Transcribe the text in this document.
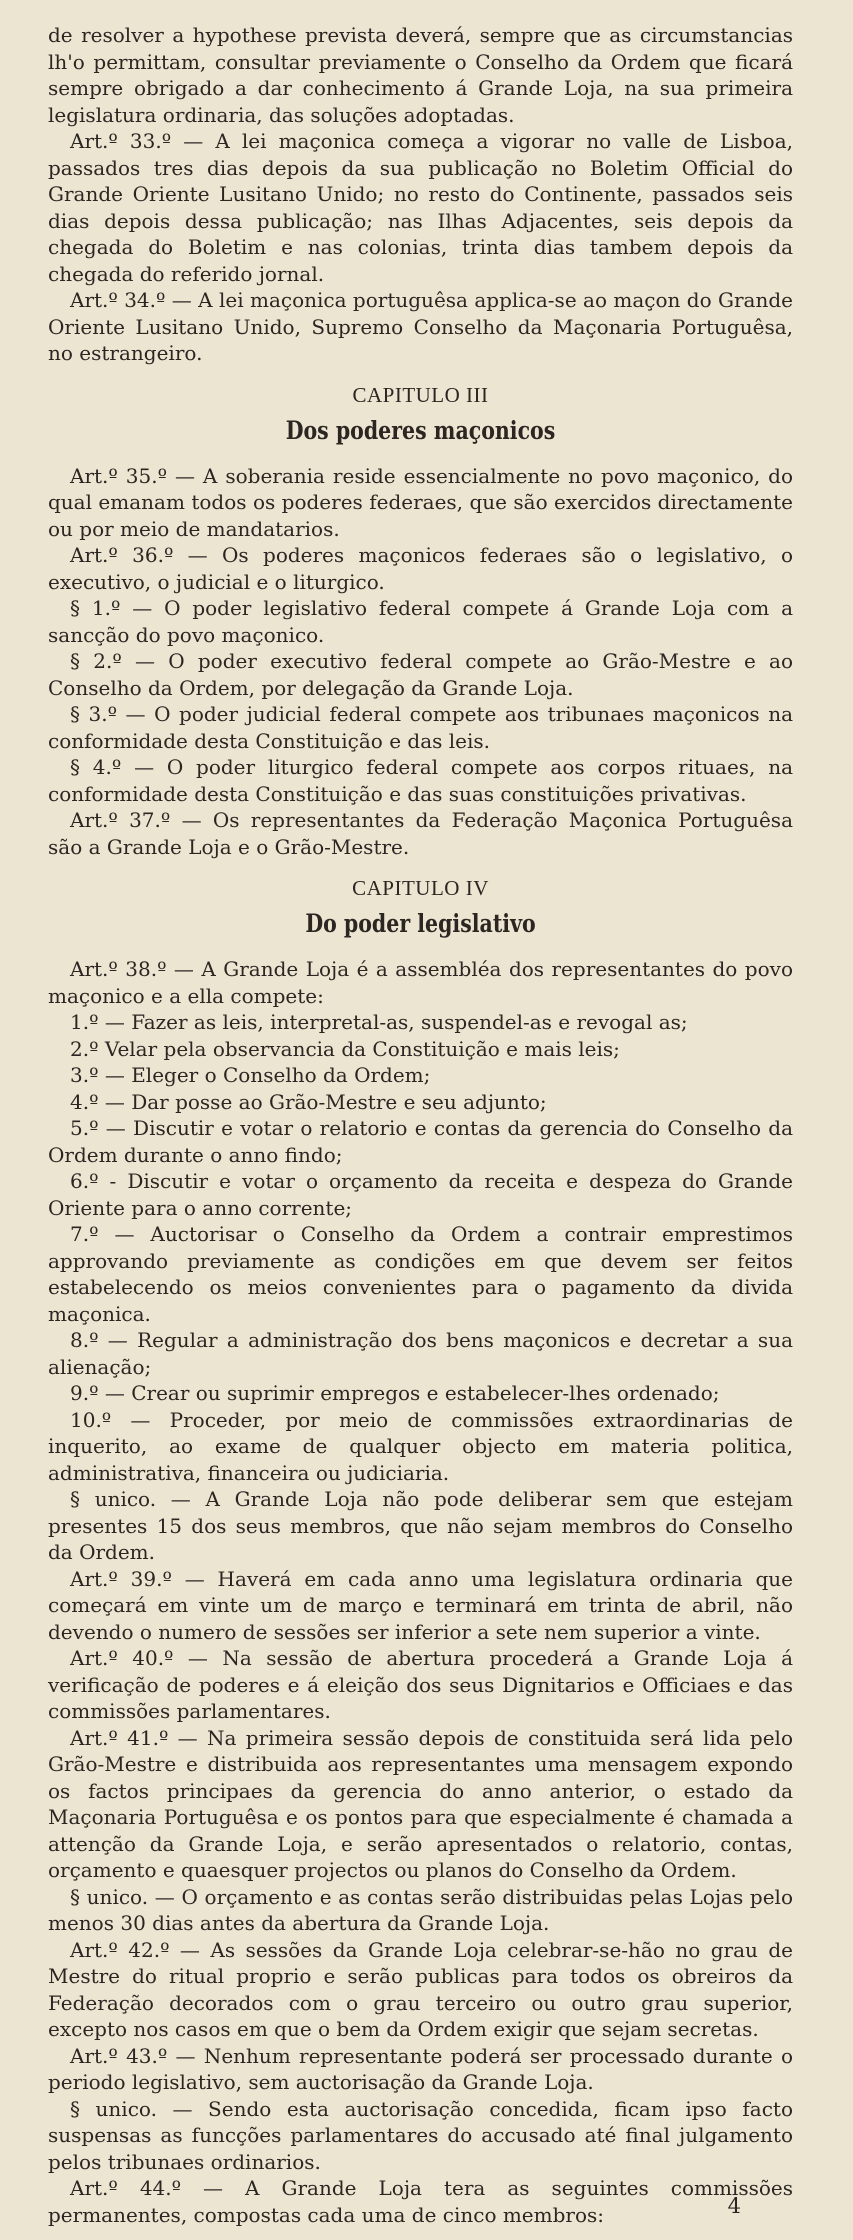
de resolver a hypothese prevista deverá, sempre que as circumstancias lh'o permittam, consultar previamente o Conselho da Ordem que ficará sempre obrigado a dar conhecimento á Grande Loja, na sua primeira legislatura ordinaria, das soluções adoptadas.

Art.º 33.º — A lei maçonica começa a vigorar no valle de Lisboa, passados tres dias depois da sua publicação no Boletim Official do Grande Oriente Lusitano Unido; no resto do Continente, passados seis dias depois dessa publicação; nas Ilhas Adjacentes, seis depois da chegada do Boletim e nas colonias, trinta dias tambem depois da chegada do referido jornal.

Art.º 34.º — A lei maçonica portuguêsa applica-se ao maçon do Grande Oriente Lusitano Unido, Supremo Conselho da Maçonaria Portuguêsa, no estrangeiro.

CAPITULO III
Dos poderes maçonicos

Art.º 35.º — A soberania reside essencialmente no povo maçonico, do qual emanam todos os poderes federaes, que são exercidos directamente ou por meio de mandatarios.

Art.º 36.º — Os poderes maçonicos federaes são o legislativo, o executivo, o judicial e o liturgico.

§ 1.º — O poder legislativo federal compete á Grande Loja com a sancção do povo maçonico.

§ 2.º — O poder executivo federal compete ao Grão-Mestre e ao Conselho da Ordem, por delegação da Grande Loja.

§ 3.º — O poder judicial federal compete aos tribunaes maçonicos na conformidade desta Constituição e das leis.

§ 4.º — O poder liturgico federal compete aos corpos rituaes, na conformidade desta Constituição e das suas constituições privativas.

Art.º 37.º — Os representantes da Federação Maçonica Portuguêsa são a Grande Loja e o Grão-Mestre.

CAPITULO IV
Do poder legislativo

Art.º 38.º — A Grande Loja é a assembléa dos representantes do povo maçonico e a ella compete:

1.º — Fazer as leis, interpretal-as, suspendel-as e revogal as;

2.º Velar pela observancia da Constituição e mais leis;

3.º — Eleger o Conselho da Ordem;

4.º — Dar posse ao Grão-Mestre e seu adjunto;

5.º — Discutir e votar o relatorio e contas da gerencia do Conselho da Ordem durante o anno findo;

6.º - Discutir e votar o orçamento da receita e despeza do Grande Oriente para o anno corrente;

7.º — Auctorisar o Conselho da Ordem a contrair emprestimos approvando previamente as condições em que devem ser feitos estabelecendo os meios convenientes para o pagamento da divida maçonica.

8.º — Regular a administração dos bens maçonicos e decretar a sua alienação;

9.º — Crear ou suprimir empregos e estabelecer-lhes ordenado;

10.º — Proceder, por meio de commissões extraordinarias de inquerito, ao exame de qualquer objecto em materia politica, administrativa, financeira ou judiciaria.

§ unico. — A Grande Loja não pode deliberar sem que estejam presentes 15 dos seus membros, que não sejam membros do Conselho da Ordem.

Art.º 39.º — Haverá em cada anno uma legislatura ordinaria que começará em vinte um de março e terminará em trinta de abril, não devendo o numero de sessões ser inferior a sete nem superior a vinte.

Art.º 40.º — Na sessão de abertura procederá a Grande Loja á verificação de poderes e á eleição dos seus Dignitarios e Officiaes e das commissões parlamentares.

Art.º 41.º — Na primeira sessão depois de constituida será lida pelo Grão-Mestre e distribuida aos representantes uma mensagem expondo os factos principaes da gerencia do anno anterior, o estado da Maçonaria Portuguêsa e os pontos para que especialmente é chamada a attenção da Grande Loja, e serão apresentados o relatorio, contas, orçamento e quaesquer projectos ou planos do Conselho da Ordem.

§ unico. — O orçamento e as contas serão distribuidas pelas Lojas pelo menos 30 dias antes da abertura da Grande Loja.

Art.º 42.º — As sessões da Grande Loja celebrar-se-hão no grau de Mestre do ritual proprio e serão publicas para todos os obreiros da Federação decorados com o grau terceiro ou outro grau superior, excepto nos casos em que o bem da Ordem exigir que sejam secretas.

Art.º 43.º — Nenhum representante poderá ser processado durante o periodo legislativo, sem auctorisação da Grande Loja.

§ unico. — Sendo esta auctorisação concedida, ficam ipso facto suspensas as funcções parlamentares do accusado até final julgamento pelos tribunaes ordinarios.

Art.º 44.º — A Grande Loja tera as seguintes commissões permanentes, compostas cada uma de cinco membros:	4
